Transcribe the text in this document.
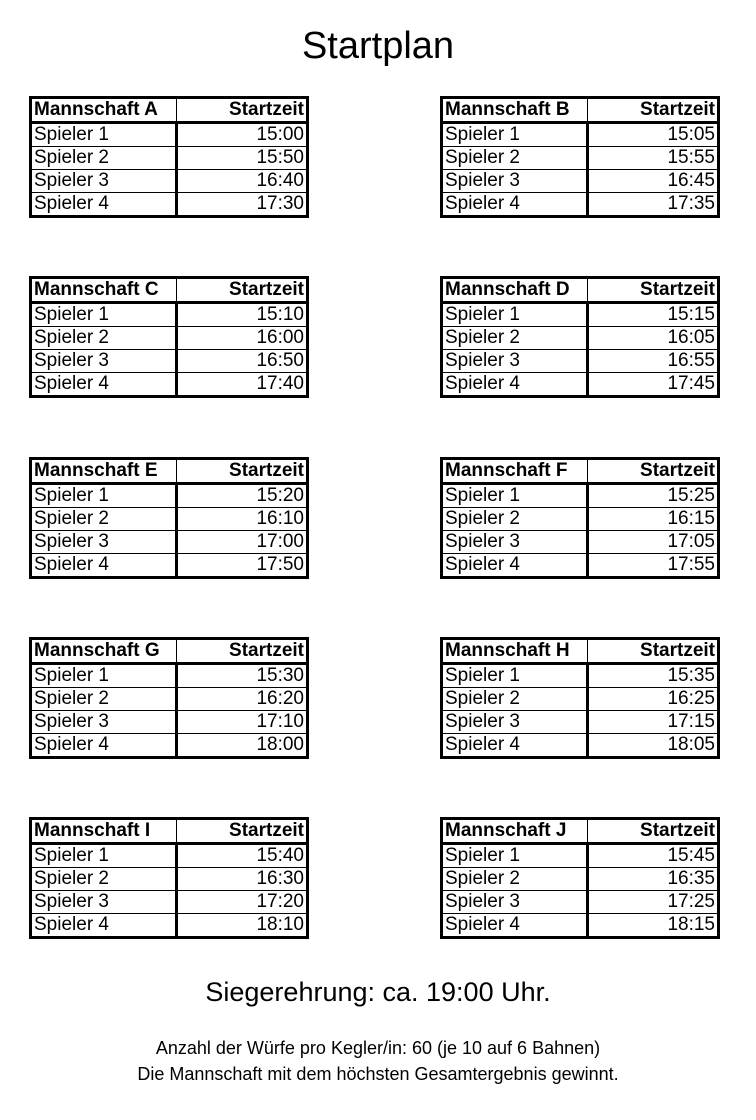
Startplan
Mannschaft A	Startzeit
Spieler 1	15:00
Spieler 2	15:50
Spieler 3	16:40
Spieler 4	17:30
Mannschaft B	Startzeit
Spieler 1	15:05
Spieler 2	15:55
Spieler 3	16:45
Spieler 4	17:35
Mannschaft C	Startzeit
Spieler 1	15:10
Spieler 2	16:00
Spieler 3	16:50
Spieler 4	17:40
Mannschaft D	Startzeit
Spieler 1	15:15
Spieler 2	16:05
Spieler 3	16:55
Spieler 4	17:45
Mannschaft E	Startzeit
Spieler 1	15:20
Spieler 2	16:10
Spieler 3	17:00
Spieler 4	17:50
Mannschaft F	Startzeit
Spieler 1	15:25
Spieler 2	16:15
Spieler 3	17:05
Spieler 4	17:55
Mannschaft G	Startzeit
Spieler 1	15:30
Spieler 2	16:20
Spieler 3	17:10
Spieler 4	18:00
Mannschaft H	Startzeit
Spieler 1	15:35
Spieler 2	16:25
Spieler 3	17:15
Spieler 4	18:05
Mannschaft I	Startzeit
Spieler 1	15:40
Spieler 2	16:30
Spieler 3	17:20
Spieler 4	18:10
Mannschaft J	Startzeit
Spieler 1	15:45
Spieler 2	16:35
Spieler 3	17:25
Spieler 4	18:15
Siegerehrung: ca. 19:00 Uhr.
Anzahl der Würfe pro Kegler/in: 60 (je 10 auf 6 Bahnen)
Die Mannschaft mit dem höchsten Gesamtergebnis gewinnt.
